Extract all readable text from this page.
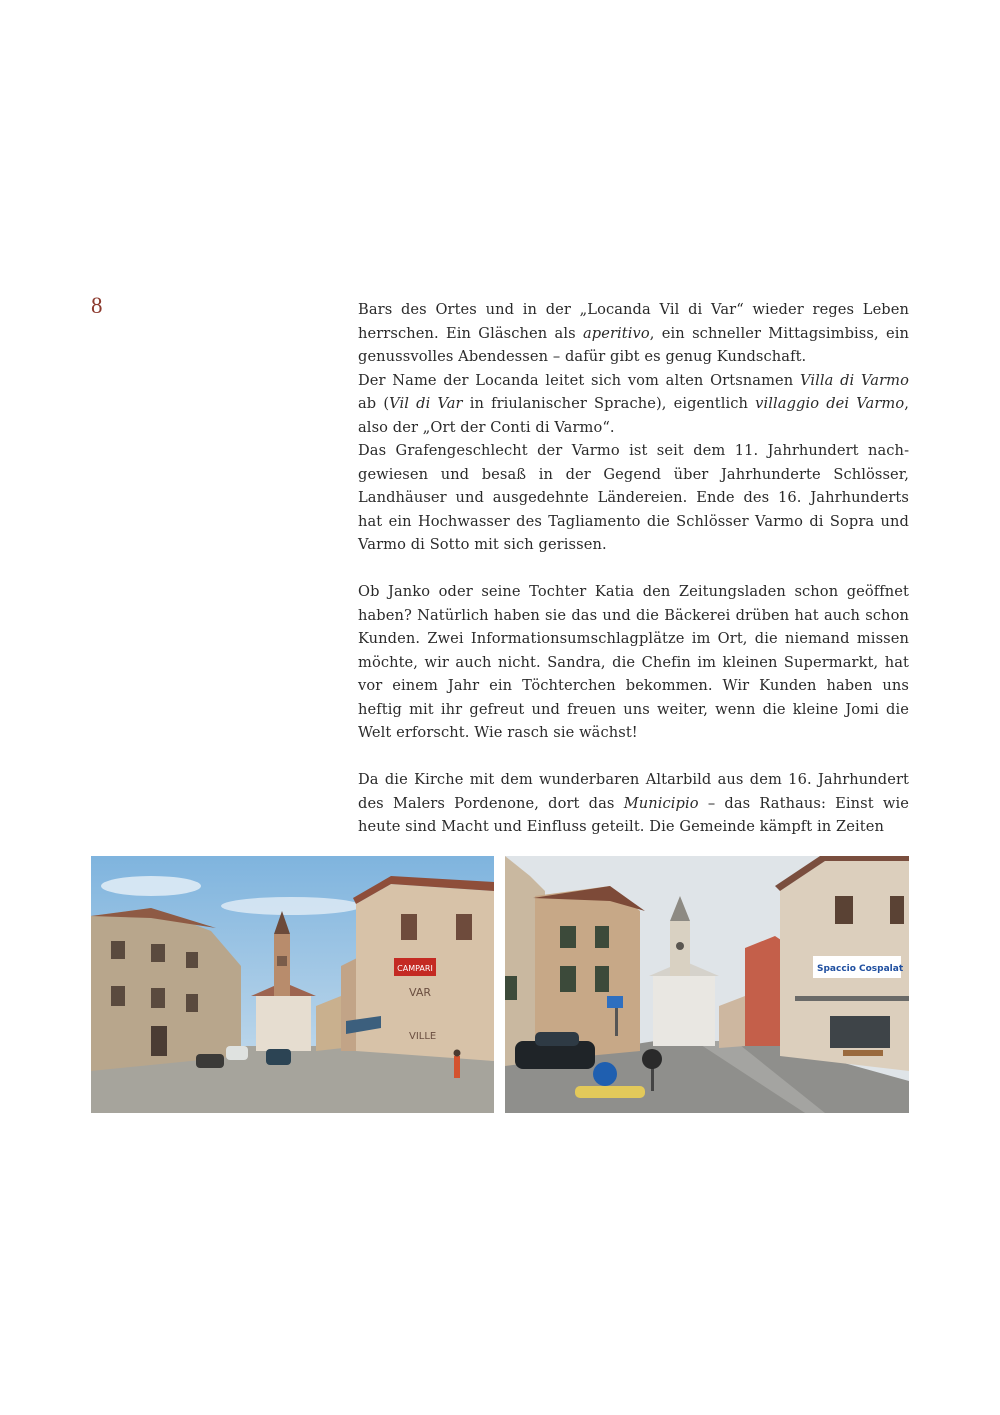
8	Bars des Ortes und in der „Locanda Vil di Var“ wieder reges Leben herrschen. Ein Gläschen als aperitivo, ein schneller Mittagsimbiss, ein genussvolles Abendessen – dafür gibt es genug Kundschaft.

Der Name der Locanda leitet sich vom alten Ortsnamen Villa di Varmo ab (Vil di Var in friulanischer Sprache), eigentlich villaggio dei Varmo, also der „Ort der Conti di Varmo“.

Das Grafengeschlecht der Varmo ist seit dem 11. Jahrhundert nachgewiesen und besaß in der Gegend über Jahrhunderte Schlösser, Landhäuser und ausgedehnte Ländereien. Ende des 16. Jahrhunderts hat ein Hochwasser des Tagliamento die Schlösser Varmo di Sopra und Varmo di Sotto mit sich gerissen.

Ob Janko oder seine Tochter Katia den Zeitungsladen schon geöffnet haben? Natürlich haben sie das und die Bäckerei drüben hat auch schon Kunden. Zwei Informationsumschlagplätze im Ort, die niemand missen möchte, wir auch nicht. Sandra, die Chefin im kleinen Supermarkt, hat vor einem Jahr ein Töchterchen bekommen. Wir Kunden haben uns heftig mit ihr gefreut und freuen uns weiter, wenn die kleine Jomi die Welt erforscht. Wie rasch sie wächst!

Da die Kirche mit dem wunderbaren Altarbild aus dem 16. Jahrhundert des Malers Pordenone, dort das Municipio – das Rathaus: Einst wie heute sind Macht und Einfluss geteilt. Die Gemeinde kämpft in Zeiten

CAMPARI
VAR
VILLE
Spaccio Cospalat
